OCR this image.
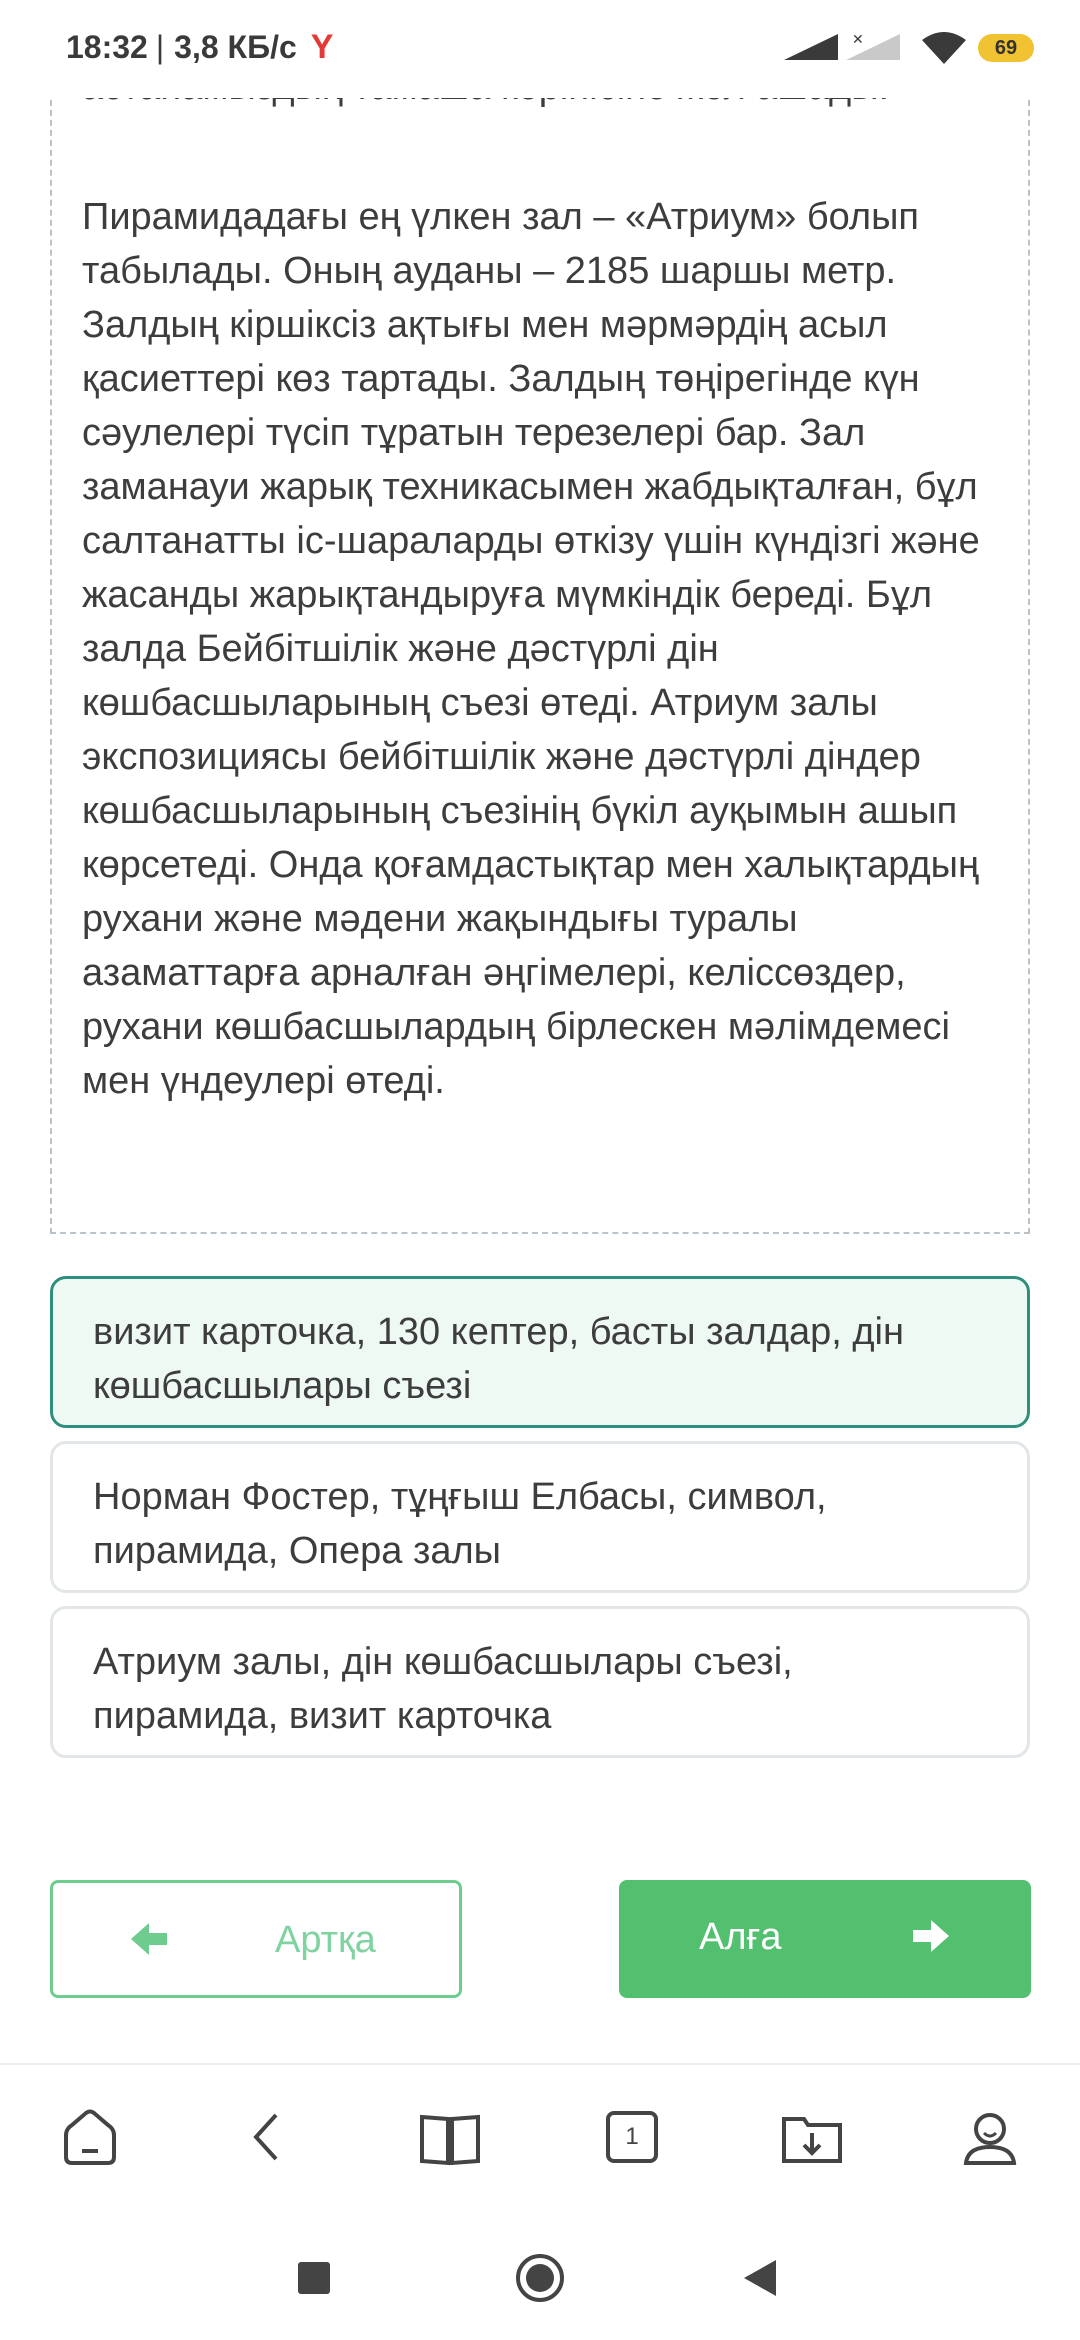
18:32 | 3,8 КБ/с Y	✕	69

Пирамидадағы ең үлкен зал – «Атриум» болып табылады. Оның ауданы – 2185 шаршы метр. Залдың кіршіксіз ақтығы мен мәрмәрдің асыл қасиеттері көз тартады. Залдың төңірегінде күн сәулелері түсіп тұратын терезелері бар. Зал заманауи жарық техникасымен жабдықталған, бұл салтанатты іс-шараларды өткізу үшін күндізгі және жасанды жарықтандыруға мүмкіндік береді. Бұл залда Бейбітшілік және дәстүрлі дін көшбасшыларының съезі өтеді. Атриум залы экспозициясы бейбітшілік және дәстүрлі діндер көшбасшыларының съезінің бүкіл ауқымын ашып көрсетеді. Онда қоғамдастықтар мен халықтардың рухани және мәдени жақындығы туралы азаматтарға арналған әңгімелері, келіссөздер, рухани көшбасшылардың бірлескен мәлімдемесі мен үндеулері өтеді.

визит карточка, 130 кептер, басты залдар, дін көшбасшылары съезі
Норман Фостер, тұңғыш Елбасы, символ, пирамида, Опера залы
Атриум залы, дін көшбасшылары съезі, пирамида, визит карточка
Артқа	Алға
1
